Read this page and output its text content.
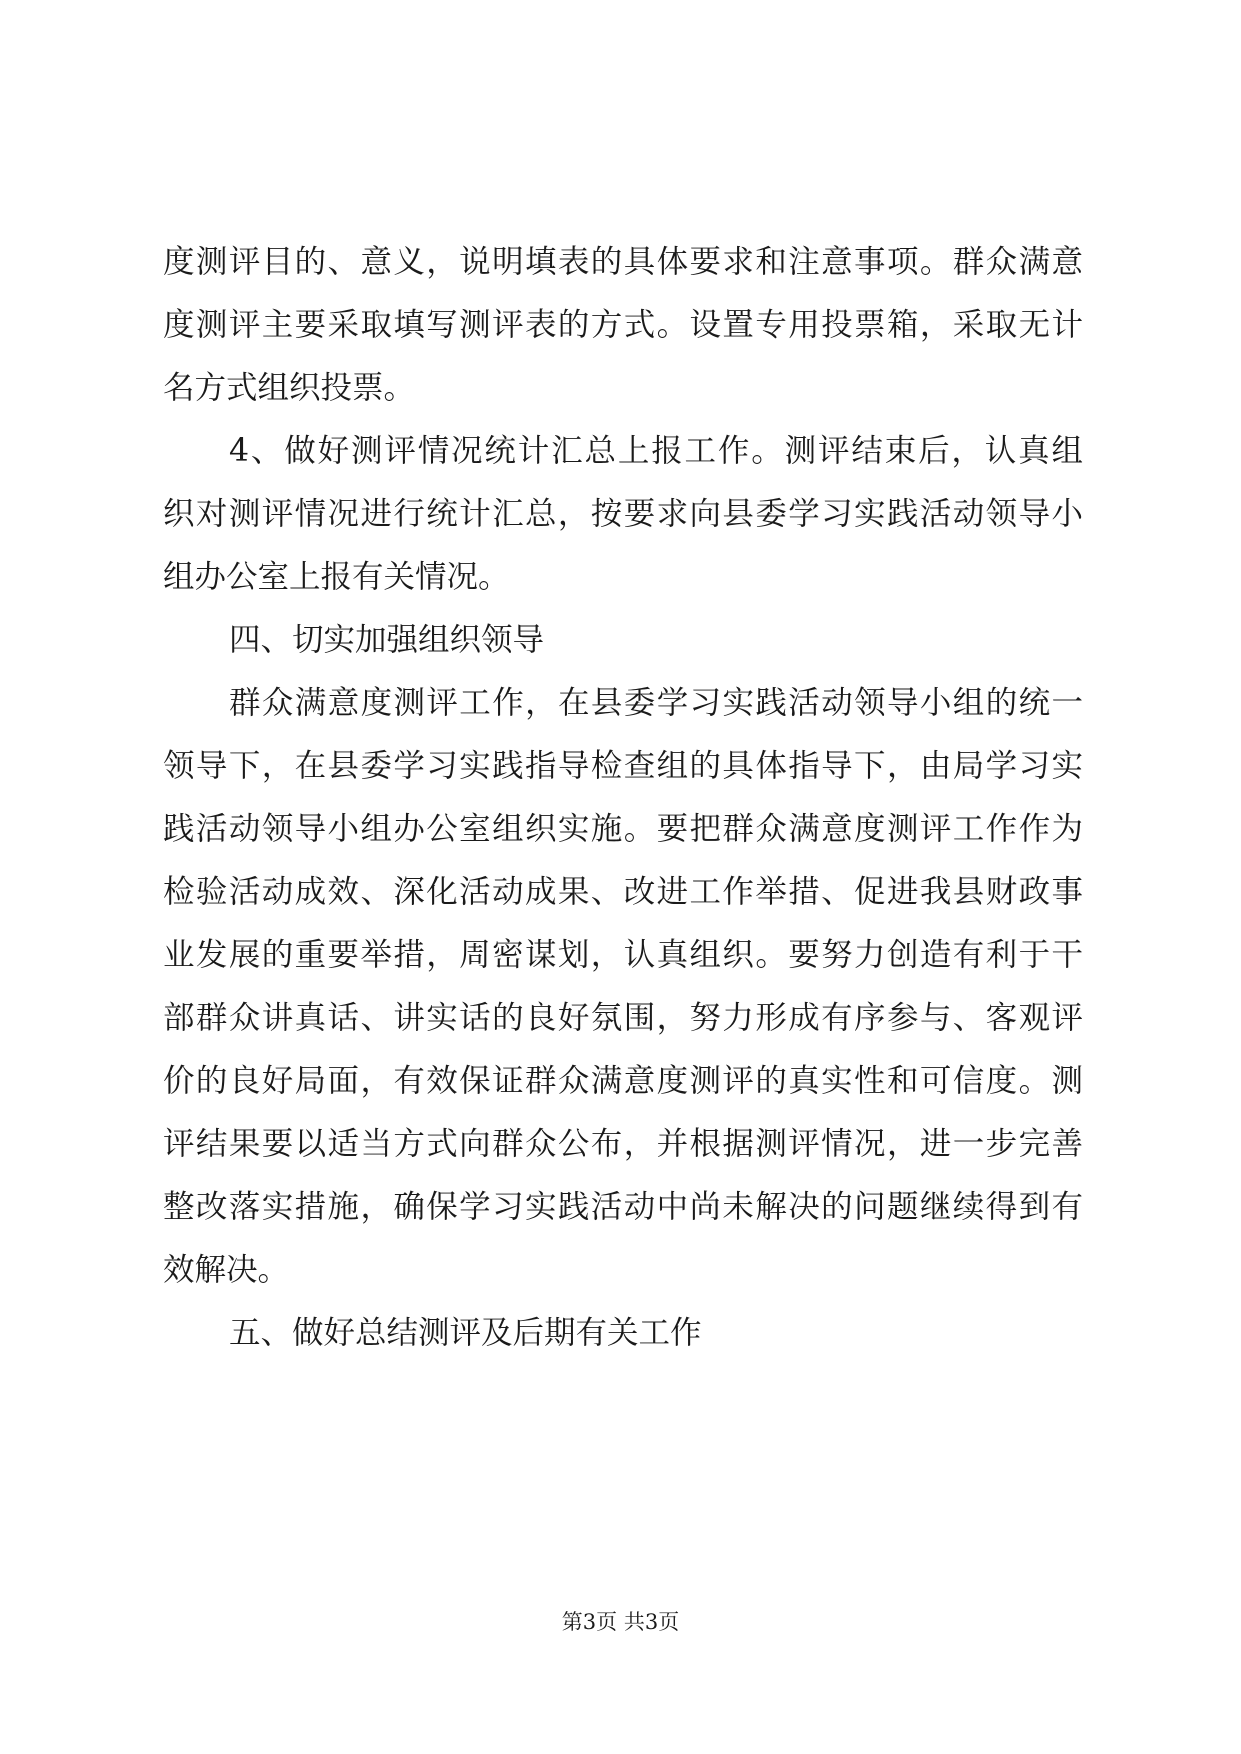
度测评目的、意义，说明填表的具体要求和注意事项。群众满意
度测评主要采取填写测评表的方式。设置专用投票箱，采取无计
名方式组织投票。
4、做好测评情况统计汇总上报工作。测评结束后，认真组
织对测评情况进行统计汇总，按要求向县委学习实践活动领导小
组办公室上报有关情况。
四、切实加强组织领导
群众满意度测评工作，在县委学习实践活动领导小组的统一
领导下，在县委学习实践指导检查组的具体指导下，由局学习实
践活动领导小组办公室组织实施。要把群众满意度测评工作作为
检验活动成效、深化活动成果、改进工作举措、促进我县财政事
业发展的重要举措，周密谋划，认真组织。要努力创造有利于干
部群众讲真话、讲实话的良好氛围，努力形成有序参与、客观评
价的良好局面，有效保证群众满意度测评的真实性和可信度。测
评结果要以适当方式向群众公布，并根据测评情况，进一步完善
整改落实措施，确保学习实践活动中尚未解决的问题继续得到有
效解决。
五、做好总结测评及后期有关工作
第3页 共3页
